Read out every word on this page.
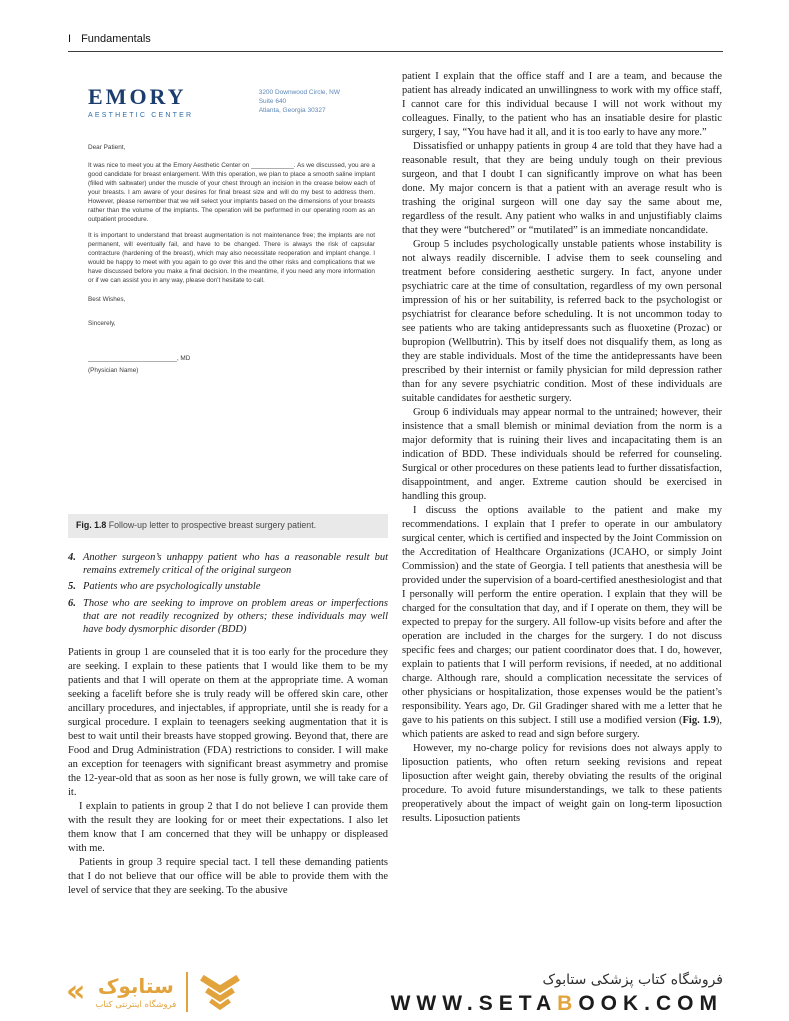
I Fundamentals
EMORY
AESTHETIC CENTER
3200 Downwood Circle, NW
Suite 640
Atlanta, Georgia 30327

Dear Patient,

It was nice to meet you at the Emory Aesthetic Center on ____________. As we discussed, you are a good candidate for breast enlargement. With this operation, we plan to place a smooth saline implant (filled with saltwater) under the muscle of your chest through an incision in the crease below each of your breasts. I am aware of your desires for final breast size and will do my best to address them. However, please remember that we will select your implants based on the dimensions of your breasts rather than the volume of the implants. The operation will be performed in our operating room as an outpatient procedure.

It is important to understand that breast augmentation is not maintenance free; the implants are not permanent, will eventually fail, and have to be changed. There is always the risk of capsular contracture (hardening of the breast), which may also necessitate reoperation and implant change. I would be happy to meet with you again to go over this and the other risks and complications that we have discussed before you make a final decision. In the meantime, if you need any more information or if we can assist you in any way, please don’t hesitate to call.

Best Wishes,

Sincerely,

_________________________, MD

(Physician Name)

Fig. 1.8 Follow-up letter to prospective breast surgery patient.
4. Another surgeon’s unhappy patient who has a reasonable result but remains extremely critical of the original surgeon
5. Patients who are psychologically unstable
6. Those who are seeking to improve on problem areas or imperfections that are not readily recognized by others; these individuals may well have body dysmorphic disorder (BDD)

Patients in group 1 are counseled that it is too early for the procedure they are seeking. I explain to these patients that I would like them to be my patients and that I will operate on them at the appropriate time. A woman seeking a facelift before she is truly ready will be offered skin care, other ancillary procedures, and injectables, if appropriate, until she is ready for a surgical procedure. I explain to teenagers seeking augmentation that it is best to wait until their breasts have stopped growing. Beyond that, there are Food and Drug Administration (FDA) restrictions to consider. I will make an exception for teenagers with significant breast asymmetry and promise the 12-year-old that as soon as her nose is fully grown, we will take care of it.

I explain to patients in group 2 that I do not believe I can provide them with the result they are looking for or meet their expectations. I also let them know that I am concerned that they will be unhappy or displeased with me.

Patients in group 3 require special tact. I tell these demanding patients that I do not believe that our office will be able to provide them with the level of service that they are seeking. To the abusive

patient I explain that the office staff and I are a team, and because the patient has already indicated an unwillingness to work with my office staff, I cannot care for this individual because I will not work without my colleagues. Finally, to the patient who has an insatiable desire for plastic surgery, I say, “You have had it all, and it is too early to have any more.”

Dissatisfied or unhappy patients in group 4 are told that they have had a reasonable result, that they are being unduly tough on their previous surgeon, and that I doubt I can significantly improve on what has been done. My major concern is that a patient with an average result who is trashing the original surgeon will one day say the same about me, regardless of the result. Any patient who walks in and unjustifiably claims that they were “butchered” or “mutilated” is an immediate noncandidate.

Group 5 includes psychologically unstable patients whose instability is not always readily discernible. I advise them to seek counseling and treatment before considering aesthetic surgery. In fact, anyone under psychiatric care at the time of consultation, regardless of my own personal impression of his or her suitability, is referred back to the psychologist or psychiatrist for clearance before scheduling. It is not uncommon today to see patients who are taking antidepressants such as fluoxetine (Prozac) or bupropion (Wellbutrin). This by itself does not disqualify them, as long as they are stable individuals. Most of the time the antidepressants have been prescribed by their internist or family physician for mild depression rather than for any severe psychiatric condition. Most of these individuals are suitable candidates for aesthetic surgery.

Group 6 individuals may appear normal to the untrained; however, their insistence that a small blemish or minimal deviation from the norm is a major deformity that is ruining their lives and incapacitating them is an indication of BDD. These individuals should be referred for counseling. Surgical or other procedures on these patients lead to further dissatisfaction, disappointment, and anger. Extreme caution should be exercised in handling this group.

I discuss the options available to the patient and make my recommendations. I explain that I prefer to operate in our ambulatory surgical center, which is certified and inspected by the Joint Commission on the Accreditation of Healthcare Organizations (JCAHO, or simply Joint Commission) and the state of Georgia. I tell patients that anesthesia will be provided under the supervision of a board-certified anesthesiologist and that I personally will perform the entire operation. I explain that they will be charged for the consultation that day, and if I operate on them, they will be expected to prepay for the surgery. All follow-up visits before and after the operation are included in the charges for the surgery. I do not discuss specific fees and charges; our patient coordinator does that. I do, however, explain to patients that I will perform revisions, if needed, at no additional charge. Although rare, should a complication necessitate the services of other physicians or hospitalization, those expenses would be the patient’s responsibility. Years ago, Dr. Gil Gradinger shared with me a letter that he gave to his patients on this subject. I still use a modified version (Fig. 1.9), which patients are asked to read and sign before surgery.

However, my no-charge policy for revisions does not always apply to liposuction patients, who often return seeking revisions and repeat liposuction after weight gain, thereby obviating the results of the original procedure. To avoid future misunderstandings, we talk to these patients preoperatively about the impact of weight gain on long-term liposuction results. Liposuction patients

« ستابوک
فروشگاه اینترنتی کتاب
فروشگاه کتاب پزشکی ستابوک
WWW.SETABOOK.COM
